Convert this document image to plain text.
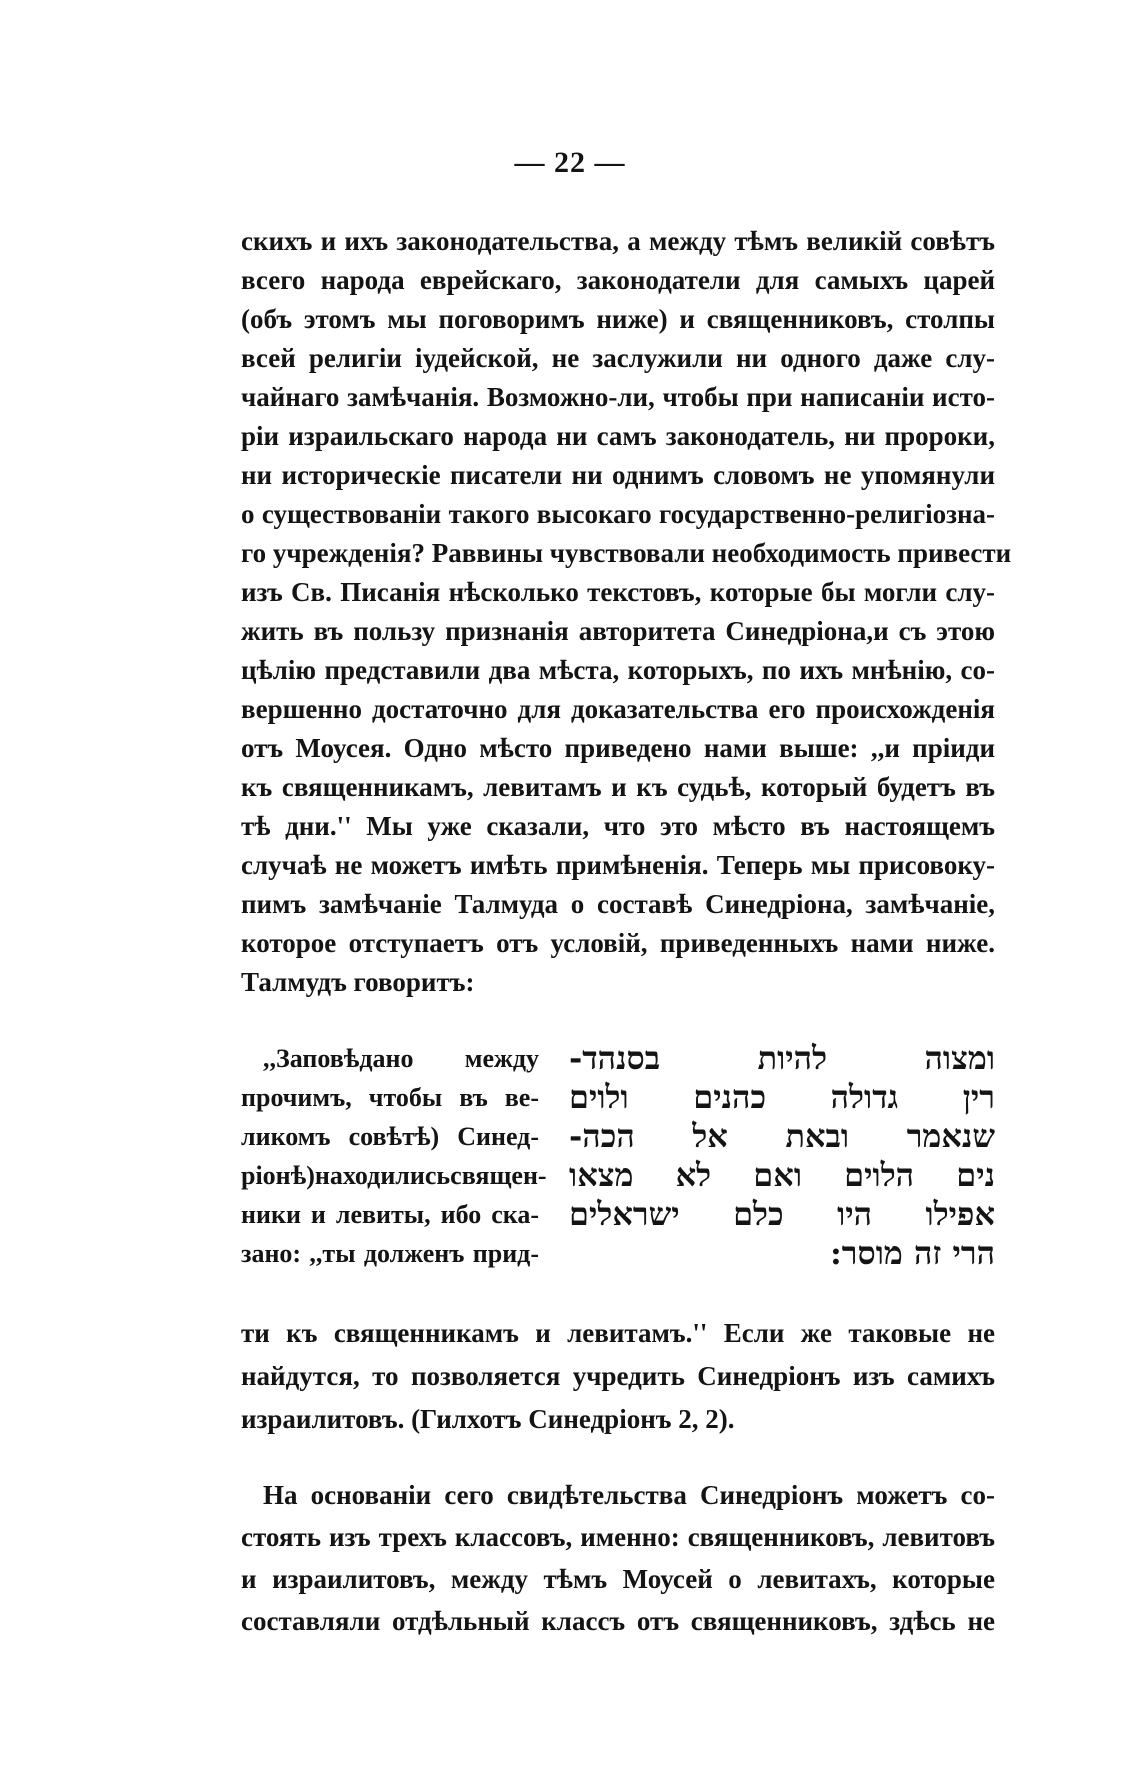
— 22 —
скихъ и ихъ законодательства, а между тѣмъ великій совѣтъ
всего народа еврейскаго, законодатели для самыхъ царей
(объ этомъ мы поговоримъ ниже) и священниковъ, столпы
всей религіи іудейской, не заслужили ни одного даже слу-
чайнаго замѣчанія. Возможно-ли, чтобы при написаніи исто-
ріи израильскаго народа ни самъ законодатель, ни пророки,
ни историческіе писатели ни однимъ словомъ не упомянули
о существованіи такого высокаго государственно-религіозна-
го учрежденія? Раввины чувствовали необходимость привести
изъ Св. Писанія нѣсколько текстовъ, которые бы могли слу-
жить въ пользу признанія авторитета Синедріона,и съ этою
цѣлію представили два мѣста, которыхъ, по ихъ мнѣнію, со-
вершенно достаточно для доказательства его происхожденія
отъ Моусея. Одно мѣсто приведено нами выше: ,,и пріиди
къ священникамъ, левитамъ и къ судьѣ, который будетъ въ
тѣ дни.'' Мы уже сказали, что это мѣсто въ настоящемъ
случаѣ не можетъ имѣть примѣненія. Теперь мы присовоку-
пимъ замѣчаніе Талмуда о составѣ Синедріона, замѣчаніе,
которое отступаетъ отъ условій, приведенныхъ нами ниже.
Талмудъ говоритъ:
,,Заповѣдано между
прочимъ, чтобы въ ве-
ликомъ совѣтѣ) Синед-
ріонѣ)находилисьсвящен-
ники и левиты, ибо ска-
зано: ,,ты долженъ прид-
ומצוה להיות בסנהד-
רין גדולה כהנים ולוים
שנאמר ובאת אל הכה-
נים הלוים ואם לא מצאו
אפילו היו כלם ישראלים
הרי זה מוסר:
ти къ священникамъ и левитамъ.'' Если же таковые не
найдутся, то позволяется учредить Синедріонъ изъ самихъ
израилитовъ. (Гилхотъ Синедріонъ 2, 2).
На основаніи сего свидѣтельства Синедріонъ можетъ со-
стоять изъ трехъ классовъ, именно: священниковъ, левитовъ
и израилитовъ, между тѣмъ Моусей о левитахъ, которые
составляли отдѣльный классъ отъ священниковъ, здѣсь не
